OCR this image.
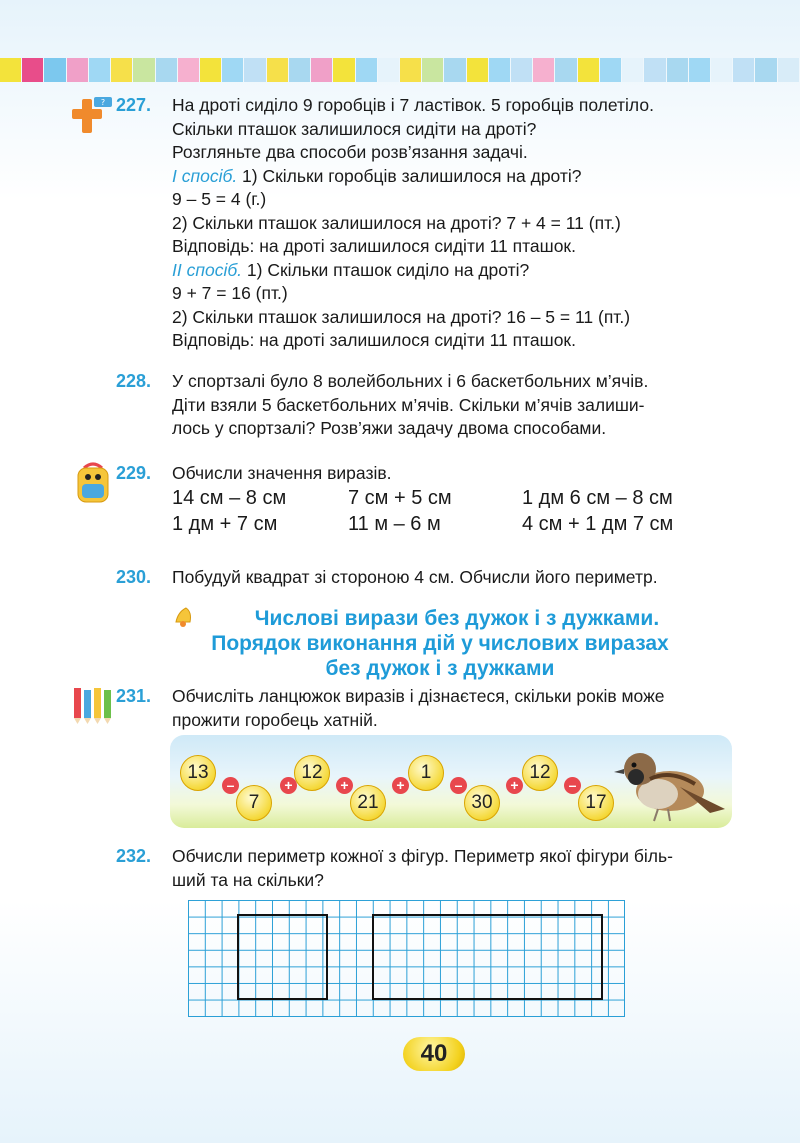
? 227. На дроті сиділо 9 горобців і 7 ластівок. 5 горобців полетіло.
Скільки пташок залишилося сидіти на дроті?
Розгляньте два способи розв’язання задачі.
І спосіб. 1) Скільки горобців залишилося на дроті?
9 – 5 = 4 (г.)
2) Скільки пташок залишилося на дроті? 7 + 4 = 11 (пт.)
Відповідь: на дроті залишилося сидіти 11 пташок.
ІІ спосіб. 1) Скільки пташок сиділо на дроті?
9 + 7 = 16 (пт.)
2) Скільки пташок залишилося на дроті? 16 – 5 = 11 (пт.)
Відповідь: на дроті залишилося сидіти 11 пташок.
228. У спортзалі було 8 волейбольних і 6 баскетбольних м’ячів.
Діти взяли 5 баскетбольних м’ячів. Скільки м’ячів залиши-
лось у спортзалі? Розв’яжи задачу двома способами.
229. Обчисли значення виразів.
14 см – 8 см	7 см + 5 см	1 дм 6 см – 8 см
1 дм + 7 см	11 м – 6 м	4 см + 1 дм 7 см
230. Побудуй квадрат зі стороною 4 см. Обчисли його периметр.
Числові вирази без дужок і з дужками.
Порядок виконання дій у числових виразах
без дужок і з дужками
231. Обчисліть ланцюжок виразів і дізнаєтеся, скільки років може
прожити горобець хатній.
13
7
12
21
1
30
12
17
–	+	+	+	–	+	–
232. Обчисли периметр кожної з фігур. Периметр якої фігури біль-
ший та на скільки?
40
